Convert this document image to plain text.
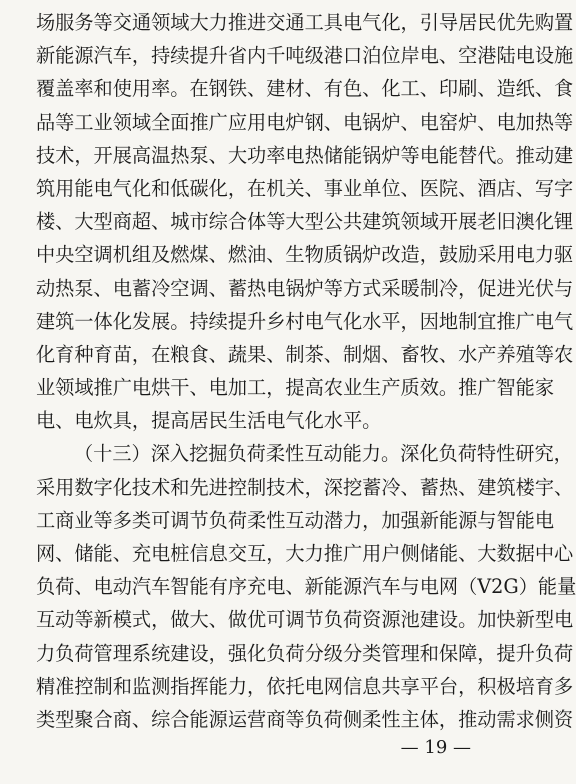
场服务等交通领域大力推进交通工具电气化，引导居民优先购置
新能源汽车，持续提升省内千吨级港口泊位岸电、空港陆电设施
覆盖率和使用率。在钢铁、建材、有色、化工、印刷、造纸、食
品等工业领域全面推广应用电炉钢、电锅炉、电窑炉、电加热等
技术，开展高温热泵、大功率电热储能锅炉等电能替代。推动建
筑用能电气化和低碳化，在机关、事业单位、医院、酒店、写字
楼、大型商超、城市综合体等大型公共建筑领域开展老旧澳化锂
中央空调机组及燃煤、燃油、生物质锅炉改造，鼓励采用电力驱
动热泵、电蓄冷空调、蓄热电锅炉等方式采暖制冷，促进光伏与
建筑一体化发展。持续提升乡村电气化水平，因地制宜推广电气
化育种育苗，在粮食、蔬果、制茶、制烟、畜牧、水产养殖等农
业领域推广电烘干、电加工，提高农业生产质效。推广智能家
电、电炊具，提高居民生活电气化水平。
（十三）深入挖掘负荷柔性互动能力。深化负荷特性研究，
采用数字化技术和先进控制技术，深挖蓄冷、蓄热、建筑楼宇、
工商业等多类可调节负荷柔性互动潜力，加强新能源与智能电
网、储能、充电桩信息交互，大力推广用户侧储能、大数据中心
负荷、电动汽车智能有序充电、新能源汽车与电网（V2G）能量
互动等新模式，做大、做优可调节负荷资源池建设。加快新型电
力负荷管理系统建设，强化负荷分级分类管理和保障，提升负荷
精准控制和监测指挥能力，依托电网信息共享平台，积极培育多
类型聚合商、综合能源运营商等负荷侧柔性主体，推动需求侧资
— 19 —
